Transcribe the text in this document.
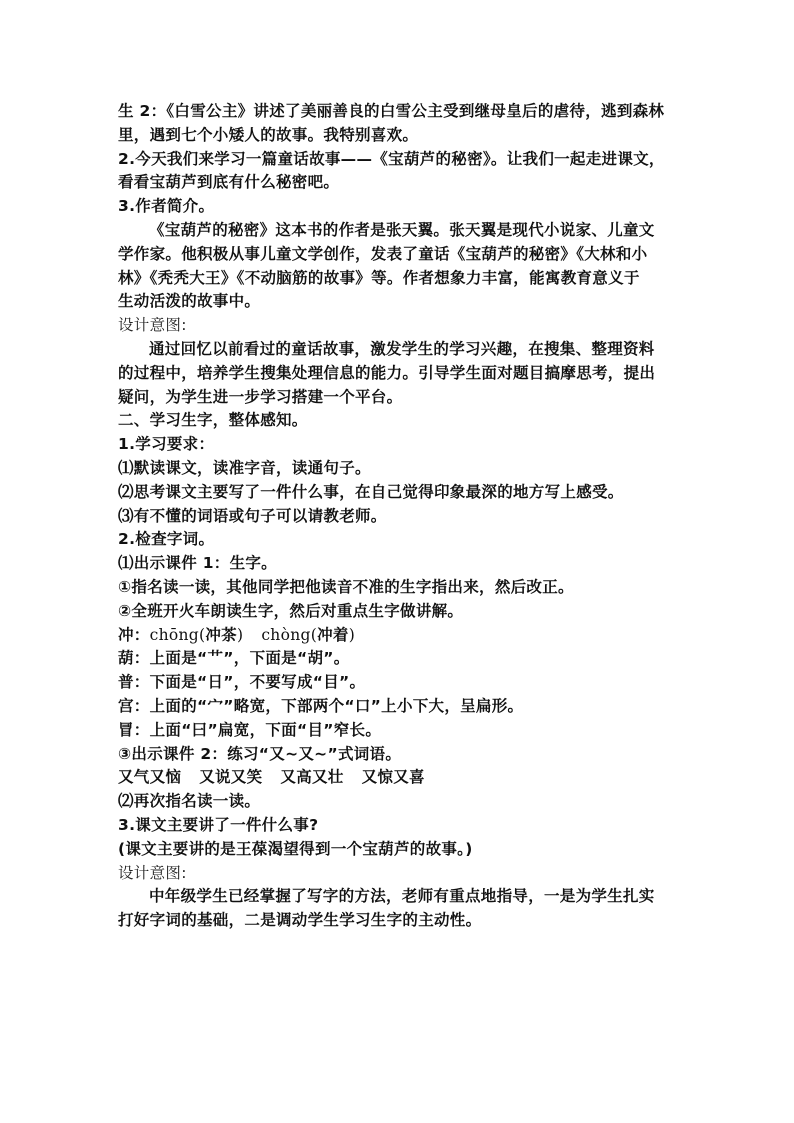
生 2：《白雪公主》讲述了美丽善良的白雪公主受到继母皇后的虐待，逃到森林
里，遇到七个小矮人的故事。我特别喜欢。
2.今天我们来学习一篇童话故事——《宝葫芦的秘密》。让我们一起走进课文，
看看宝葫芦到底有什么秘密吧。
3.作者简介。
《宝葫芦的秘密》这本书的作者是张天翼。张天翼是现代小说家、儿童文
学作家。他积极从事儿童文学创作，发表了童话《宝葫芦的秘密》《大林和小
林》《秃秃大王》《不动脑筋的故事》等。作者想象力丰富，能寓教育意义于
生动活泼的故事中。
设计意图:
通过回忆以前看过的童话故事，激发学生的学习兴趣，在搜集、整理资料
的过程中，培养学生搜集处理信息的能力。引导学生面对题目搞摩思考，提出
疑问，为学生进一步学习搭建一个平台。
二、学习生字，整体感知。
1.学习要求：
⑴默读课文，读准字音，读通句子。
⑵思考课文主要写了一件什么事，在自己觉得印象最深的地方写上感受。
⑶有不懂的词语或句子可以请教老师。
2.检查字词。
⑴出示课件 1：生字。
①指名读一读，其他同学把他读音不准的生字指出来，然后改正。
②全班开火车朗读生字，然后对重点生字做讲解。
冲：chōng(冲茶) chòng(冲着)
葫：上面是“艹”，下面是“胡”。
普：下面是“日”，不要写成“目”。
宫：上面的“宀”略宽，下部两个“口”上小下大，呈扁形。
冒：上面“曰”扁宽，下面“目”窄长。
③出示课件 2：练习“又~又~”式词语。
又气又恼 又说又笑 又高又壮 又惊又喜
⑵再次指名读一读。
3.课文主要讲了一件什么事?
(课文主要讲的是王葆渴望得到一个宝葫芦的故事。)
设计意图:
中年级学生已经掌握了写字的方法，老师有重点地指导，一是为学生扎实
打好字词的基础，二是调动学生学习生字的主动性。
